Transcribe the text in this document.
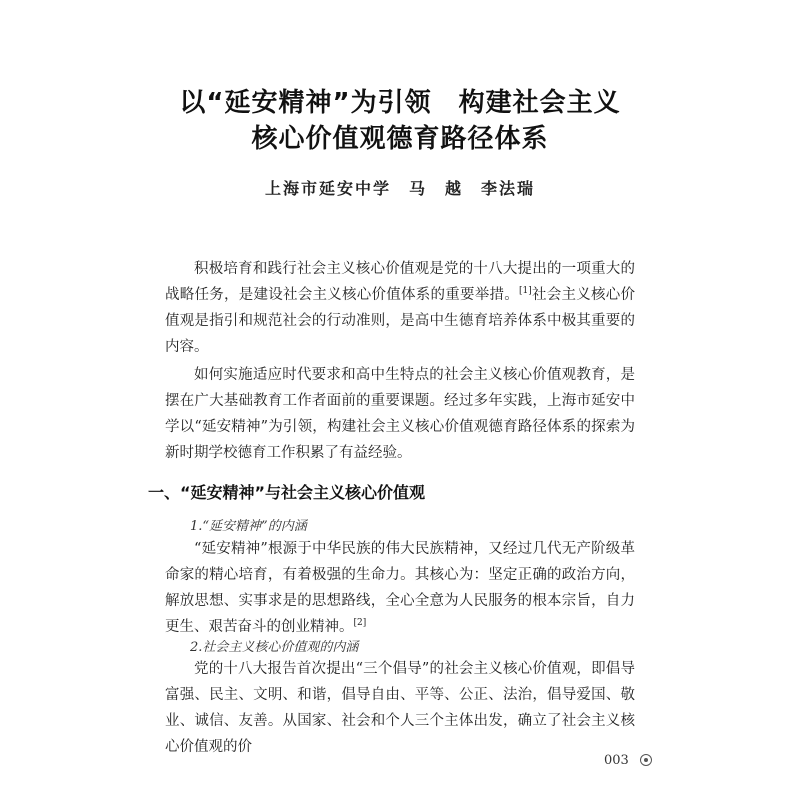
以“延安精神”为引领　构建社会主义
核心价值观德育路径体系
上海市延安中学　马　越　李法瑞

积极培育和践行社会主义核心价值观是党的十八大提出的一项重大的战略任务，是建设社会主义核心价值体系的重要举措。[1]社会主义核心价值观是指引和规范社会的行动准则，是高中生德育培养体系中极其重要的内容。

如何实施适应时代要求和高中生特点的社会主义核心价值观教育，是摆在广大基础教育工作者面前的重要课题。经过多年实践，上海市延安中学以“延安精神”为引领，构建社会主义核心价值观德育路径体系的探索为新时期学校德育工作积累了有益经验。

一、“延安精神”与社会主义核心价值观
1.“延安精神”的内涵

“延安精神”根源于中华民族的伟大民族精神，又经过几代无产阶级革命家的精心培育，有着极强的生命力。其核心为：坚定正确的政治方向，解放思想、实事求是的思想路线，全心全意为人民服务的根本宗旨，自力更生、艰苦奋斗的创业精神。[2]

2.社会主义核心价值观的内涵

党的十八大报告首次提出“三个倡导”的社会主义核心价值观，即倡导富强、民主、文明、和谐，倡导自由、平等、公正、法治，倡导爱国、敬业、诚信、友善。从国家、社会和个人三个主体出发，确立了社会主义核心价值观的价

003
